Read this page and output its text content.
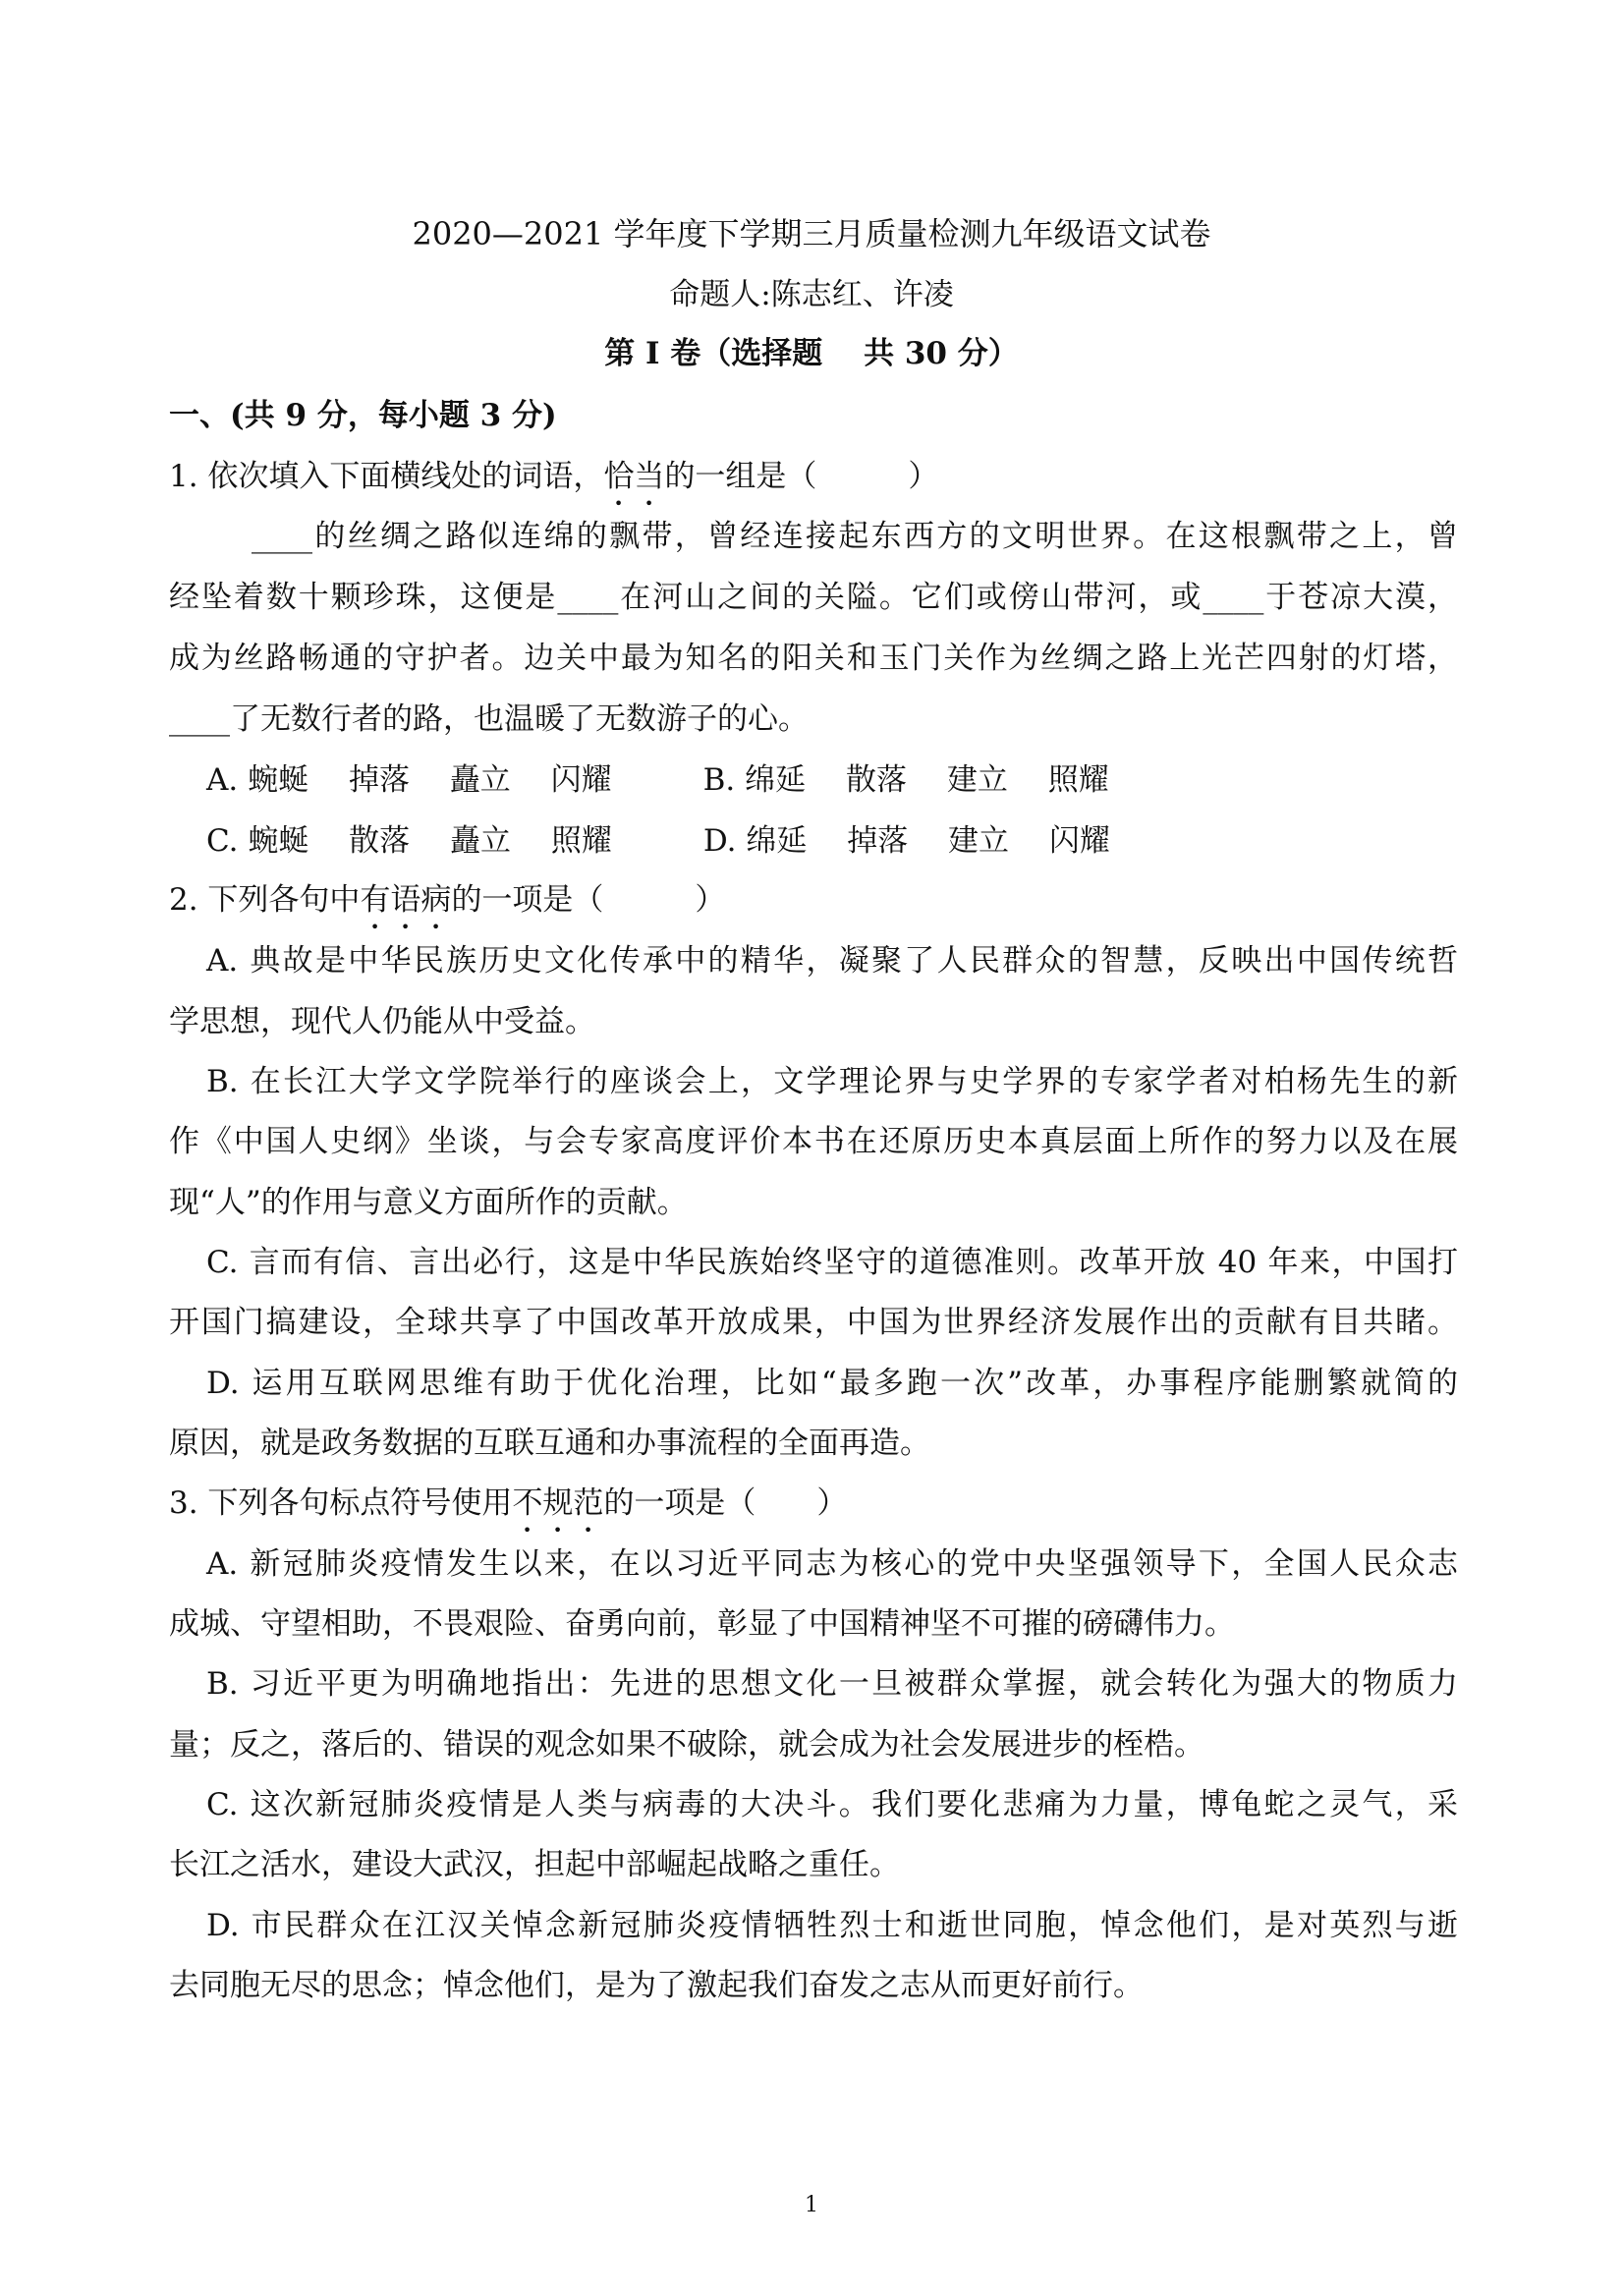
2020—2021 学年度下学期三月质量检测九年级语文试卷
命题人:陈志红、许凌
第 I 卷（选择题　 共 30 分）
一、(共 9 分，每小题 3 分)
1. 依次填入下面横线处的词语，恰当的一组是（　　　）
____的丝绸之路似连绵的飘带，曾经连接起东西方的文明世界。在这根飘带之上，曾
经坠着数十颗珍珠，这便是____在河山之间的关隘。它们或傍山带河，或____于苍凉大漠，
成为丝路畅通的守护者。边关中最为知名的阳关和玉门关作为丝绸之路上光芒四射的灯塔，
____了无数行者的路，也温暖了无数游子的心。
A. 蜿蜒　 掉落　 矗立　 闪耀　　　B. 绵延　 散落　 建立　 照耀
C. 蜿蜒　 散落　 矗立　 照耀　　　D. 绵延　 掉落　 建立　 闪耀
2. 下列各句中有语病的一项是（　　　）
A. 典故是中华民族历史文化传承中的精华，凝聚了人民群众的智慧，反映出中国传统哲
学思想，现代人仍能从中受益。
B. 在长江大学文学院举行的座谈会上，文学理论界与史学界的专家学者对柏杨先生的新
作《中国人史纲》坐谈，与会专家高度评价本书在还原历史本真层面上所作的努力以及在展
现“人”的作用与意义方面所作的贡献。
C. 言而有信、言出必行，这是中华民族始终坚守的道德准则。改革开放 40 年来，中国打
开国门搞建设，全球共享了中国改革开放成果，中国为世界经济发展作出的贡献有目共睹。
D. 运用互联网思维有助于优化治理，比如“最多跑一次”改革，办事程序能删繁就简的
原因，就是政务数据的互联互通和办事流程的全面再造。
3. 下列各句标点符号使用不规范的一项是（　　）
A. 新冠肺炎疫情发生以来，在以习近平同志为核心的党中央坚强领导下，全国人民众志
成城、守望相助，不畏艰险、奋勇向前，彰显了中国精神坚不可摧的磅礴伟力。
B. 习近平更为明确地指出：先进的思想文化一旦被群众掌握，就会转化为强大的物质力
量；反之，落后的、错误的观念如果不破除，就会成为社会发展进步的桎梏。
C. 这次新冠肺炎疫情是人类与病毒的大决斗。我们要化悲痛为力量，博龟蛇之灵气，采
长江之活水，建设大武汉，担起中部崛起战略之重任。
D. 市民群众在江汉关悼念新冠肺炎疫情牺牲烈士和逝世同胞，悼念他们，是对英烈与逝
去同胞无尽的思念；悼念他们，是为了激起我们奋发之志从而更好前行。
1
